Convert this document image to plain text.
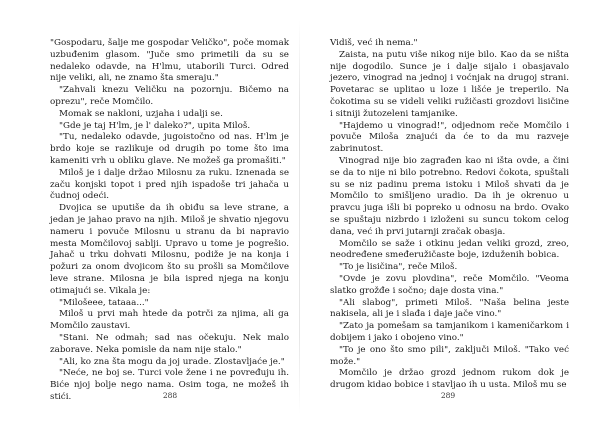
"Gospodaru, šalje me gospodar Veličko", poče momak uzbuđenim glasom. "Juče smo primetili da su se nedaleko odavde, na H'lmu, utaborili Turci. Odred nije veliki, ali, ne znamo šta smeraju."

"Zahvali knezu Veličku na pozornju. Bičemo na oprezu", reče Momčilo.

Momak se nakloni, uzjaha i udalji se.

"Gde je taj H'lm, je l' daleko?", upita Miloš.

"Tu, nedaleko odavde, jugoistočno od nas. H'lm je brdo koje se razlikuje od drugih po tome što ima kameniti vrh u obliku glave. Ne možeš ga promašiti."

Miloš je i dalje držao Milosnu za ruku. Iznenada se začu konjski topot i pred njih ispadoše tri jahača u čudnoj odeći.

Dvojica se uputiše da ih obiđu sa leve strane, a jedan je jahao pravo na njih. Miloš je shvatio njegovu nameru i povuče Milosnu u stranu da bi napravio mesta Momčilovoj sablji. Upravo u tome je pogrešio. Jahač u trku dohvati Milosnu, podiže je na konja i požuri za onom dvojicom što su prošli sa Momčilove leve strane. Milosna je bila ispred njega na konju otimajući se. Vikala je:

"Milošeee, tataaa..."

Miloš u prvi mah htede da potrči za njima, ali ga Momčilo zaustavi.

"Stani. Ne odmah; sad nas očekuju. Nek malo zaborave. Neka pomisle da nam nije stalo."

"Ali, ko zna šta mogu da joj urade. Zlostavljaće je."

"Neće, ne boj se. Turci vole žene i ne povređuju ih. Biće njoj bolje nego nama. Osim toga, ne možeš ih stići.

Vidiš, već ih nema."

Zaista, na putu više nikog nije bilo. Kao da se ništa nije dogodilo. Sunce je i dalje sijalo i obasjavalo jezero, vinograd na jednoj i voćnjak na drugoj strani. Povetarac se uplitao u loze i lišće je treperilo. Na čokotima su se videli veliki ružičasti grozdovi lisičine i sitniji žutozeleni tamjanike.

"Hajdemo u vinograd!", odjednom reče Momčilo i povuče Miloša znajući da će to da mu razveje zabrinutost.

Vinograd nije bio zagrađen kao ni išta ovde, a čini se da to nije ni bilo potrebno. Redovi čokota, spuštali su se niz padinu prema istoku i Miloš shvati da je Momčilo to smišljeno uradio. Da ih je okrenuo u pravcu juga išli bi popreko u odnosu na brdo. Ovako se spuštaju nizbrdo i izloženi su suncu tokom celog dana, već ih prvi jutarnji zračak obasja.

Momčilo se saže i otkinu jedan veliki grozd, zreo, neodređene smeđeružičaste boje, izduženih bobica.

"To je lisičina", reče Miloš.

"Ovde je zovu plovdina", reče Momčilo. "Veoma slatko grožđe i sočno; daje dosta vina."

"Ali slabog", primeti Miloš. "Naša belina jeste nakisela, ali je i slađa i daje jače vino."

"Zato ja pomešam sa tamjanikom i kameničarkom i dobijem i jako i obojeno vino."

"To je ono što smo pili", zaključi Miloš. "Tako već može."

Momčilo je držao grozd jednom rukom dok je drugom kidao bobice i stavljao ih u usta. Miloš mu se

288	289
